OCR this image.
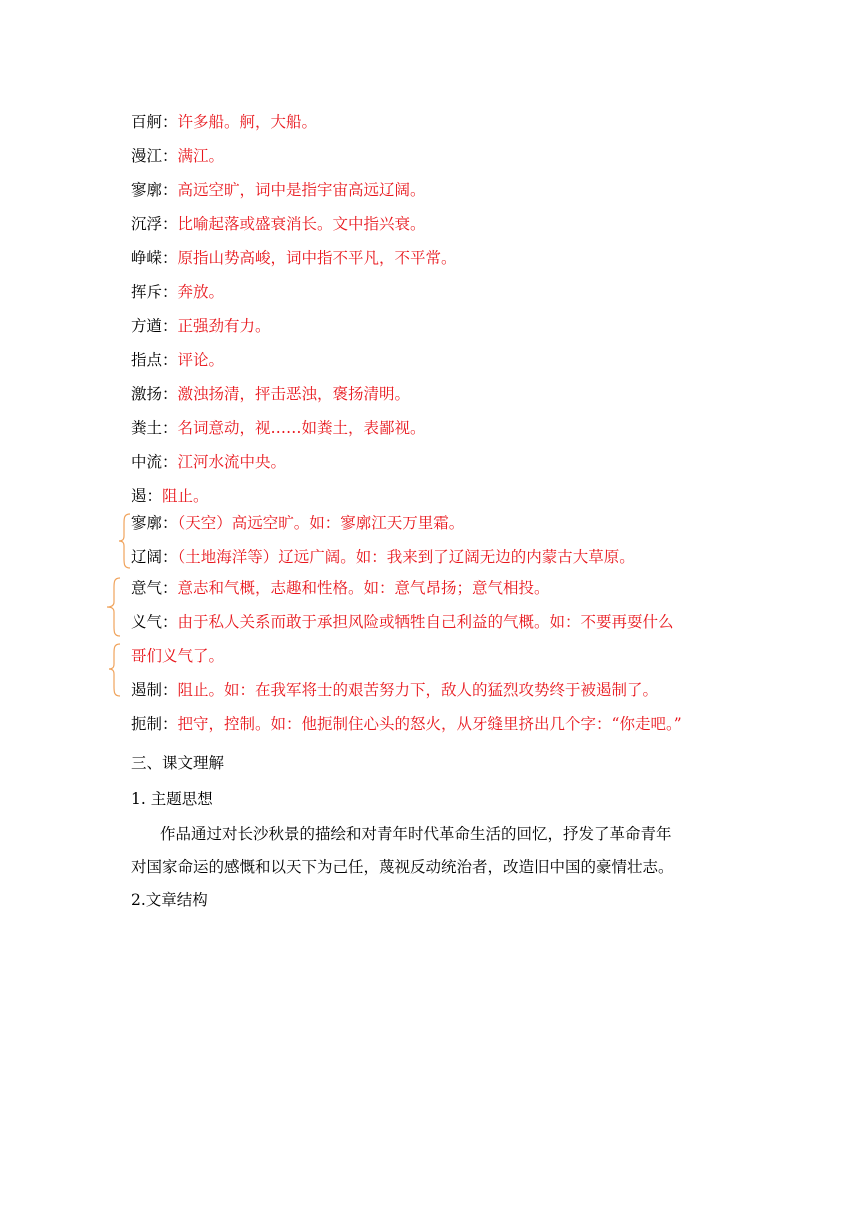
百舸：许多船。舸，大船。
漫江：满江。
寥廓：高远空旷，词中是指宇宙高远辽阔。
沉浮：比喻起落或盛衰消长。文中指兴衰。
峥嵘：原指山势高峻，词中指不平凡，不平常。
挥斥：奔放。
方遒：正强劲有力。
指点：评论。
激扬：激浊扬清，抨击恶浊，褒扬清明。
粪土：名词意动，视……如粪土，表鄙视。
中流：江河水流中央。
遏：阻止。
寥廓：（天空）高远空旷。如：寥廓江天万里霜。
辽阔：（土地海洋等）辽远广阔。如：我来到了辽阔无边的内蒙古大草原。
意气：意志和气概，志趣和性格。如：意气昂扬；意气相投。
义气：由于私人关系而敢于承担风险或牺牲自己利益的气概。如：不要再耍什么
哥们义气了。
遏制：阻止。如：在我军将士的艰苦努力下，敌人的猛烈攻势终于被遏制了。
扼制：把守，控制。如：他扼制住心头的怒火，从牙缝里挤出几个字：“你走吧。”
三、课文理解
1. 主题思想
作品通过对长沙秋景的描绘和对青年时代革命生活的回忆，抒发了革命青年
对国家命运的感慨和以天下为己任，蔑视反动统治者，改造旧中国的豪情壮志。
2.文章结构
